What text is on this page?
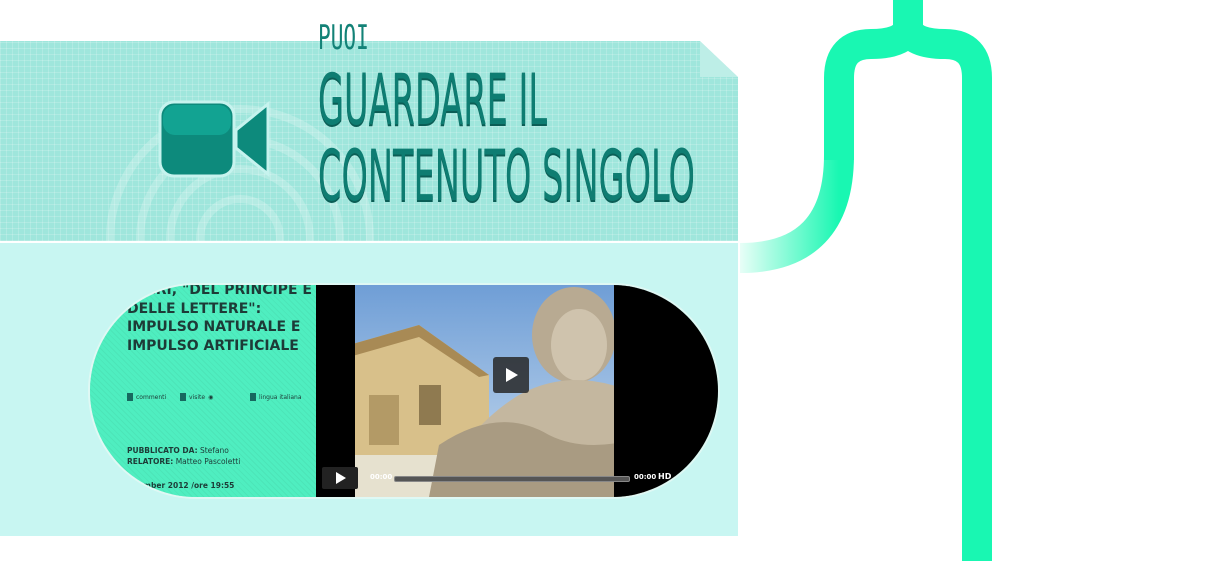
PUOI
GUARDARE IL
CONTENUTO SINGOLO
…IERI, "DEL PRINCIPE E DELLE LETTERE": IMPULSO NATURALE E IMPULSO ARTIFICIALE
commenti	visite ◉	lingua italiana
PUBBLICATO DA: Stefano
RELATORE: Matteo Pascoletti
…tember 2012 /ore 19:55
00:00	00:00 HD
